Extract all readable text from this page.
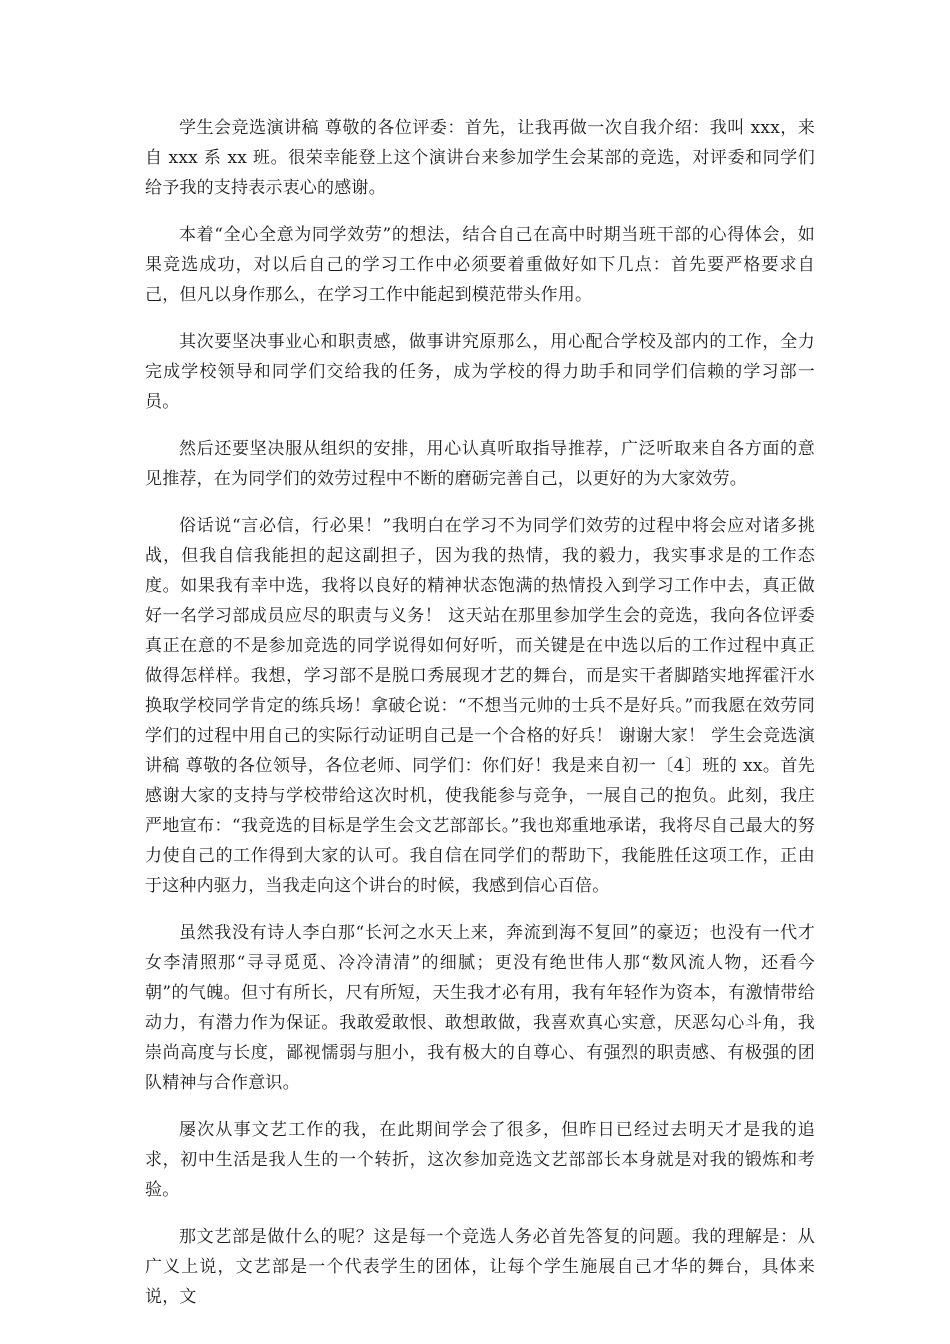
学生会竞选演讲稿 尊敬的各位评委：首先，让我再做一次自我介绍：我叫 xxx，来自 xxx 系 xx 班。很荣幸能登上这个演讲台来参加学生会某部的竞选，对评委和同学们给予我的支持表示衷心的感谢。

本着“全心全意为同学效劳”的想法，结合自己在高中时期当班干部的心得体会，如果竞选成功，对以后自己的学习工作中必须要着重做好如下几点：首先要严格要求自己，但凡以身作那么，在学习工作中能起到模范带头作用。

其次要坚决事业心和职责感，做事讲究原那么，用心配合学校及部内的工作，全力完成学校领导和同学们交给我的任务，成为学校的得力助手和同学们信赖的学习部一员。

然后还要坚决服从组织的安排，用心认真听取指导推荐，广泛听取来自各方面的意见推荐，在为同学们的效劳过程中不断的磨砺完善自己，以更好的为大家效劳。

俗话说“言必信，行必果！”我明白在学习不为同学们效劳的过程中将会应对诸多挑战，但我自信我能担的起这副担子，因为我的热情，我的毅力，我实事求是的工作态度。如果我有幸中选，我将以良好的精神状态饱满的热情投入到学习工作中去，真正做好一名学习部成员应尽的职责与义务！ 这天站在那里参加学生会的竞选，我向各位评委真正在意的不是参加竞选的同学说得如何好听，而关键是在中选以后的工作过程中真正做得怎样样。我想，学习部不是脱口秀展现才艺的舞台，而是实干者脚踏实地挥霍汗水换取学校同学肯定的练兵场！拿破仑说：“不想当元帅的士兵不是好兵。”而我愿在效劳同学们的过程中用自己的实际行动证明自己是一个合格的好兵！ 谢谢大家！ 学生会竞选演讲稿 尊敬的各位领导，各位老师、同学们：你们好！我是来自初一〔4〕班的 xx。首先感谢大家的支持与学校带给这次时机，使我能参与竞争，一展自己的抱负。此刻，我庄严地宣布：“我竞选的目标是学生会文艺部部长。”我也郑重地承诺，我将尽自己最大的努力使自己的工作得到大家的认可。我自信在同学们的帮助下，我能胜任这项工作，正由于这种内驱力，当我走向这个讲台的时候，我感到信心百倍。

虽然我没有诗人李白那“长河之水天上来，奔流到海不复回”的豪迈；也没有一代才女李清照那“寻寻觅觅、冷冷清清”的细腻；更没有绝世伟人那“数风流人物，还看今朝”的气魄。但寸有所长，尺有所短，天生我才必有用，我有年轻作为资本，有激情带给动力，有潜力作为保证。我敢爱敢恨、敢想敢做，我喜欢真心实意，厌恶勾心斗角，我崇尚高度与长度，鄙视懦弱与胆小，我有极大的自尊心、有强烈的职责感、有极强的团队精神与合作意识。

屡次从事文艺工作的我，在此期间学会了很多，但昨日已经过去明天才是我的追求，初中生活是我人生的一个转折，这次参加竞选文艺部部长本身就是对我的锻炼和考验。

那文艺部是做什么的呢？这是每一个竞选人务必首先答复的问题。我的理解是：从广义上说，文艺部是一个代表学生的团体，让每个学生施展自己才华的舞台，具体来说，文
